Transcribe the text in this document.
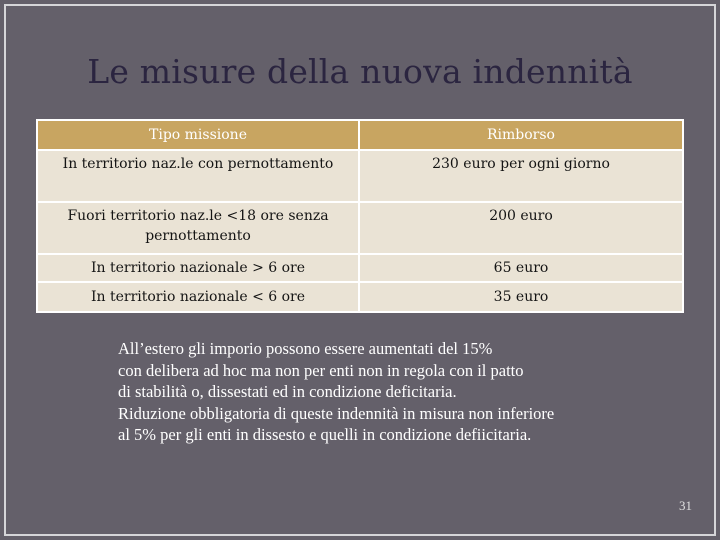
Le misure della nuova indennità
Tipo missione	Rimborso
In territorio naz.le con pernottamento	230 euro per ogni giorno
Fuori territorio naz.le <18 ore senza pernottamento	200 euro
In territorio nazionale > 6 ore	65 euro
In territorio nazionale < 6 ore	35 euro
All’estero gli imporio possono essere aumentati del 15%
con delibera ad hoc ma non per enti non in regola con il patto
di stabilità o, dissestati ed in condizione deficitaria.
Riduzione obbligatoria di queste indennità in misura non inferiore
al 5% per gli enti in dissesto e quelli in condizione defiicitaria.
31
